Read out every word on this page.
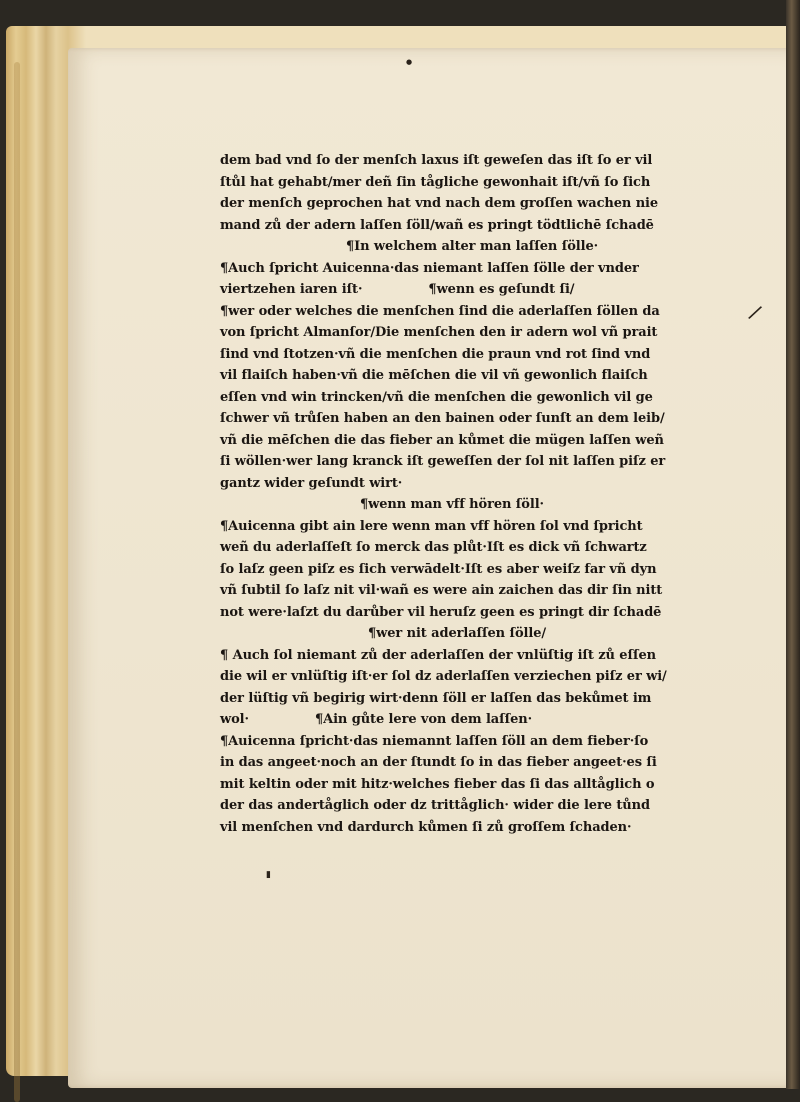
●
▮
/
dem bad vnd ſo der menſch laxus iſt geweſen das iſt ſo er vil
ſtůl hat gehabt/mer deñ ſin tågliche gewonhait iſt/vñ ſo ſich
der menſch geprochen hat vnd nach dem groſſen wachen nie
mand zů der adern laſſen ſöll/wañ es pringt tödtlichē ſchadē
¶In welchem alter man laſſen ſölle·
¶Auch ſpricht Auicenna·das niemant laſſen ſölle der vnder
viertzehen iaren iſt·	¶wenn es geſundt ſi/
¶wer oder welches die menſchen ſind die aderlaſſen ſöllen da
von ſpricht Almanſor/Die menſchen den ir adern wol vñ prait
ſind vnd ſtotzen·vñ die menſchen die praun vnd rot ſind vnd
vil flaiſch haben·vñ die mēſchen die vil vñ gewonlich flaiſch
eſſen vnd win trincken/vñ die menſchen die gewonlich vil ge
ſchwer vñ trůſen haben an den bainen oder ſunſt an dem leib/
vñ die mēſchen die das fieber an kůmet die mügen laſſen weñ
ſi wöllen·wer lang kranck iſt geweſſen der ſol nit laſſen piſz er
gantz wider geſundt wirt·
¶wenn man vff hören ſöll·
¶Auicenna gibt ain lere wenn man vff hören ſol vnd ſpricht
weñ du aderlaſſeſt ſo merck das plůt·Iſt es dick vñ ſchwartz
ſo laſz geen piſz es ſich verwādelt·Iſt es aber weiſz far vñ dyn
vñ ſubtil ſo laſz nit vil·wañ es were ain zaichen das dir ſin nitt
not were·laſzt du darůber vil heruſz geen es pringt dir ſchadē
¶wer nit aderlaſſen ſölle/
¶ Auch ſol niemant zů der aderlaſſen der vnlüſtig iſt zů eſſen
die wil er vnlüſtig iſt·er ſol dz aderlaſſen verziechen piſz er wi/
der lüſtig vñ begirig wirt·denn ſöll er laſſen das bekůmet im
wol·	¶Ain gůte lere von dem laſſen·
¶Auicenna ſpricht·das niemannt laſſen ſöll an dem fieber·ſo
in das angeet·noch an der ſtundt ſo in das fieber angeet·es ſi
mit keltin oder mit hitz·welches fieber das ſi das alltåglich o
der das andertåglich oder dz trittåglich· wider die lere tůnd
vil menſchen vnd dardurch kůmen ſi zů groſſem ſchaden·
